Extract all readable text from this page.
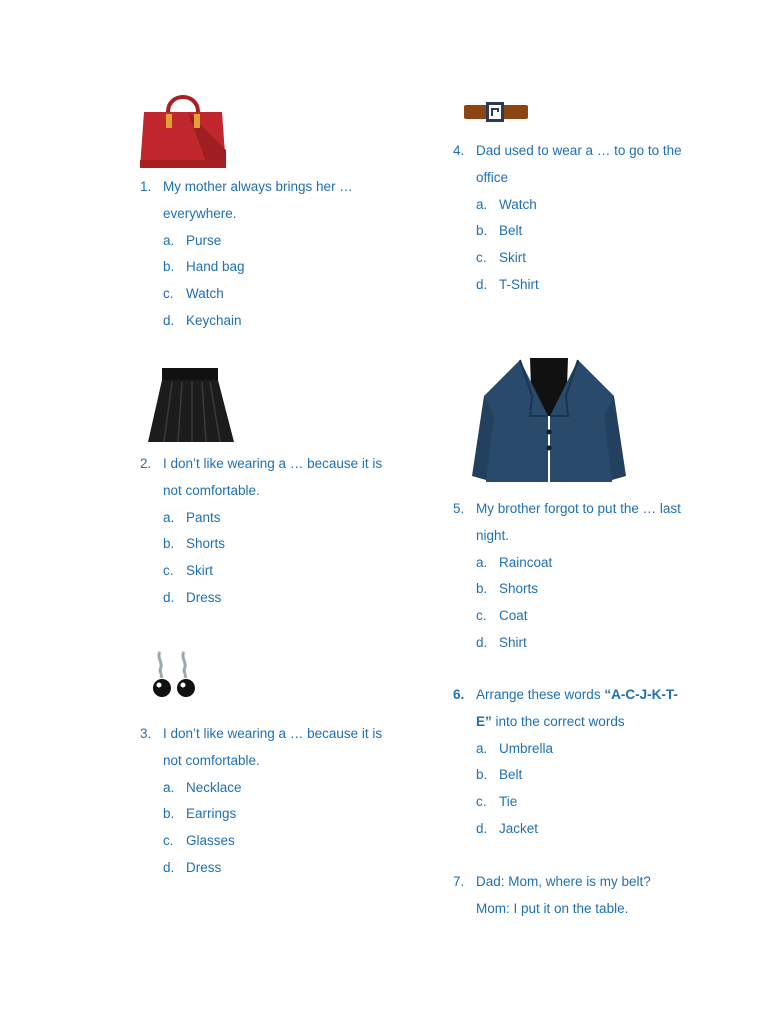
1. My mother always brings her … everywhere.
a. Purse
b. Hand bag
c. Watch
d. Keychain
2. I don’t like wearing a … because it is not comfortable.
a. Pants
b. Shorts
c. Skirt
d. Dress
3. I don’t like wearing a … because it is not comfortable.
a. Necklace
b. Earrings
c. Glasses
d. Dress
4. Dad used to wear a … to go to the office
a. Watch
b. Belt
c. Skirt
d. T-Shirt
5. My brother forgot to put the … last night.
a. Raincoat
b. Shorts
c. Coat
d. Shirt
6. Arrange these words “A-C-J-K-T-E” into the correct words
a. Umbrella
b. Belt
c. Tie
d. Jacket
7. Dad: Mom, where is my belt?
Mom: I put it on the table.
